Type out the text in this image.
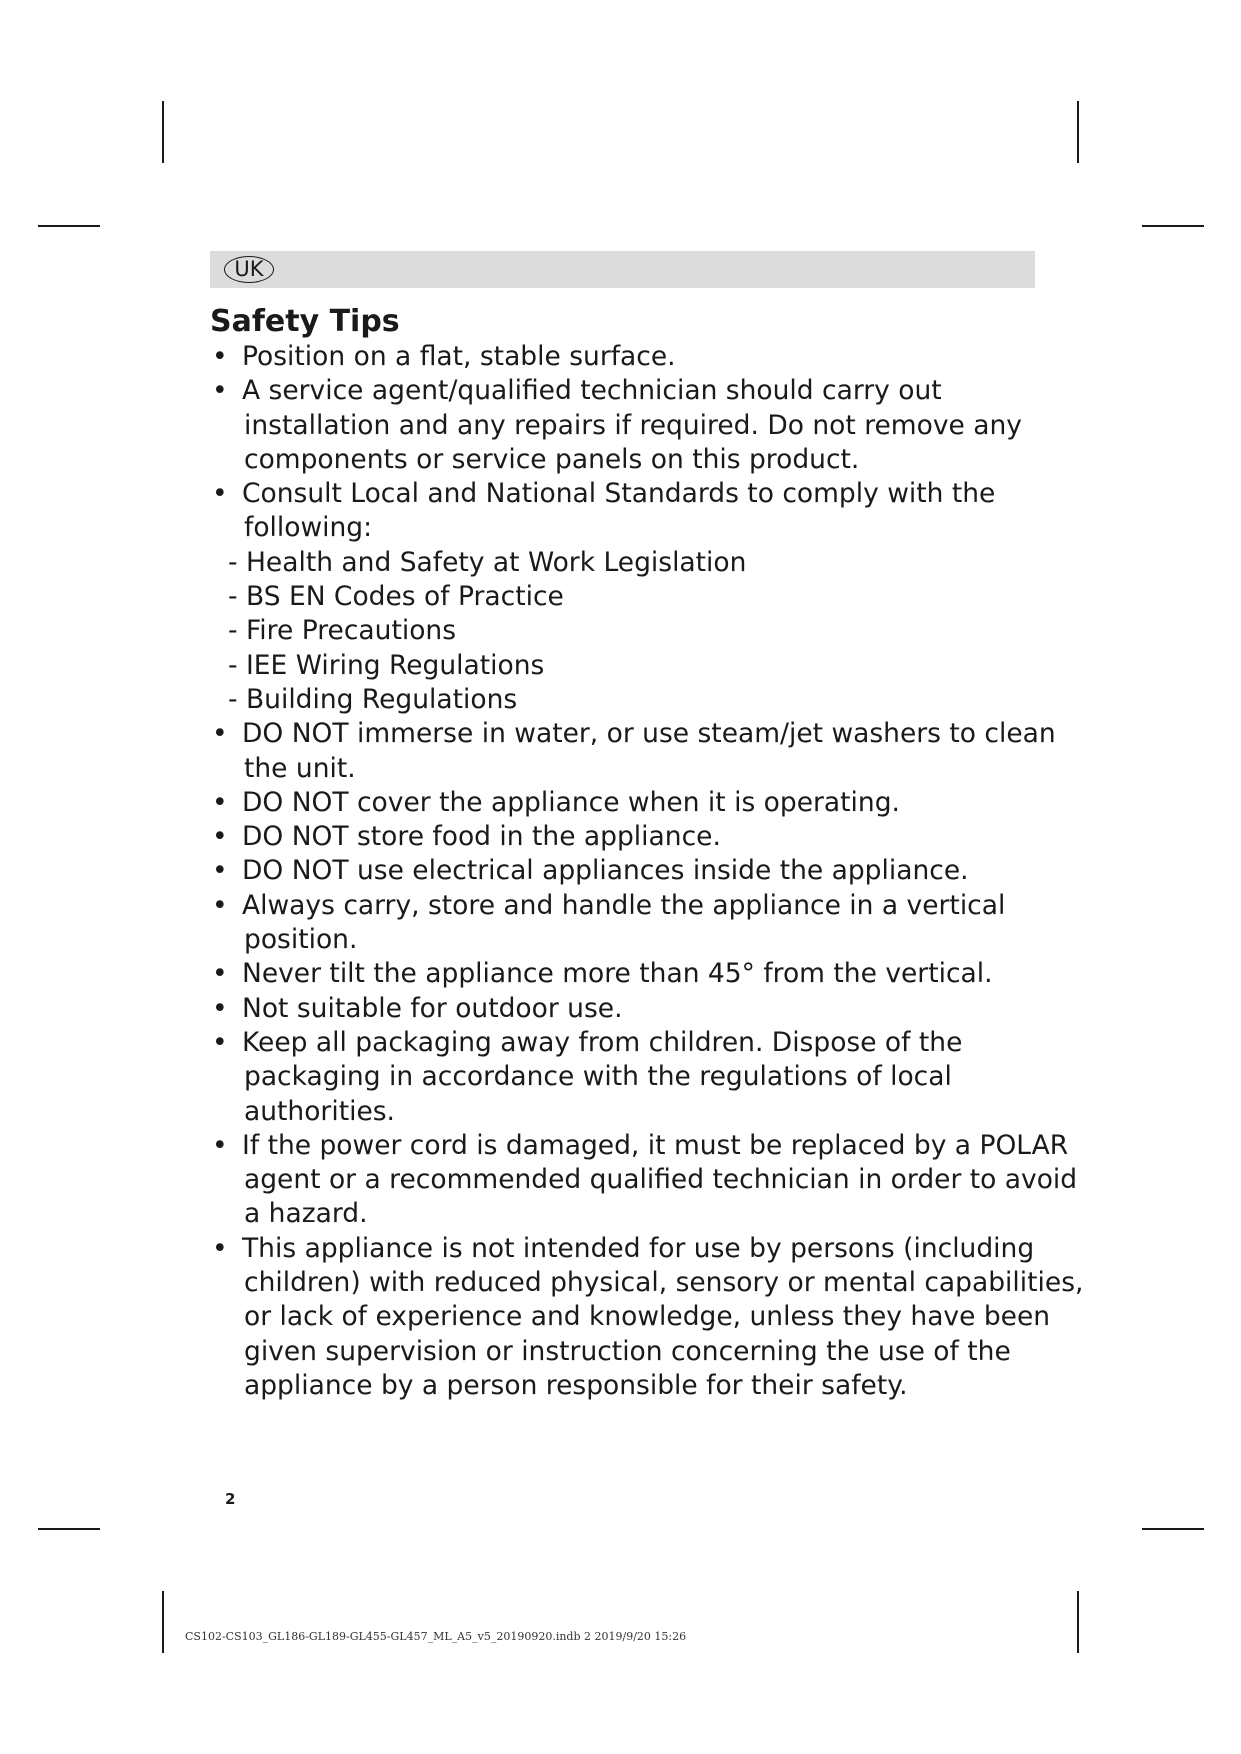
UK
Safety Tips
• Position on a flat, stable surface.
• A service agent/qualified technician should carry out
installation and any repairs if required. Do not remove any
components or service panels on this product.
• Consult Local and National Standards to comply with the
following:
- Health and Safety at Work Legislation
- BS EN Codes of Practice
- Fire Precautions
- IEE Wiring Regulations
- Building Regulations
• DO NOT immerse in water, or use steam/jet washers to clean
the unit.
• DO NOT cover the appliance when it is operating.
• DO NOT store food in the appliance.
• DO NOT use electrical appliances inside the appliance.
• Always carry, store and handle the appliance in a vertical
position.
• Never tilt the appliance more than 45° from the vertical.
• Not suitable for outdoor use.
• Keep all packaging away from children. Dispose of the
packaging in accordance with the regulations of local
authorities.
• If the power cord is damaged, it must be replaced by a POLAR
agent or a recommended qualified technician in order to avoid
a hazard.
• This appliance is not intended for use by persons (including
children) with reduced physical, sensory or mental capabilities,
or lack of experience and knowledge, unless they have been
given supervision or instruction concerning the use of the
appliance by a person responsible for their safety.
2
CS102-CS103_GL186-GL189-GL455-GL457_ML_A5_v5_20190920.indb 2 2019/9/20 15:26
